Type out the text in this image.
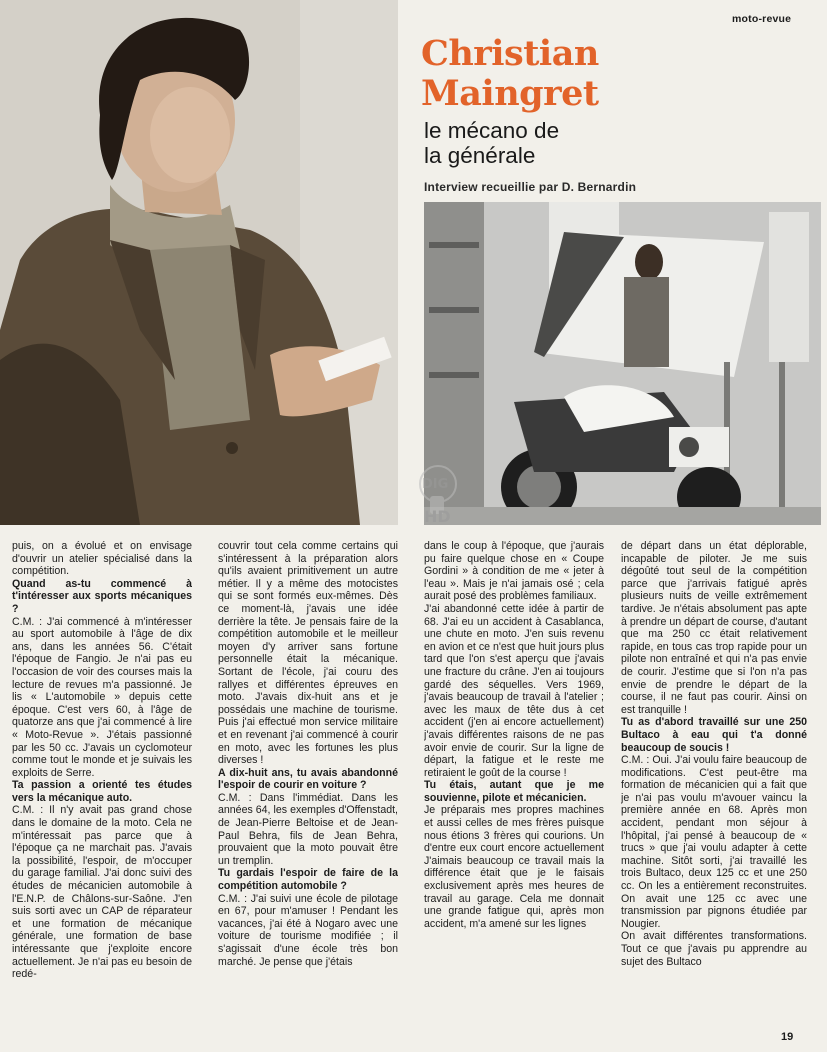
DIG
HD
moto-revue
Christian
Maingret
le mécano de
la générale
Interview recueillie par D. Bernardin

puis, on a évolué et on envisage d'ouvrir un atelier spécialisé dans la compétition.

Quand as-tu commencé à t'intéresser aux sports mécaniques ?

C.M. : J'ai commencé à m'intéresser au sport automobile à l'âge de dix ans, dans les années 56. C'était l'époque de Fangio. Je n'ai pas eu l'occasion de voir des courses mais la lecture de revues m'a passionné. Je lis « L'automobile » depuis cette époque. C'est vers 60, à l'âge de quatorze ans que j'ai commencé à lire « Moto-Revue ». J'étais passionné par les 50 cc. J'avais un cyclomoteur comme tout le monde et je suivais les exploits de Serre.

Ta passion a orienté tes études vers la mécanique auto.

C.M. : Il n'y avait pas grand chose dans le domaine de la moto. Cela ne m'intéressait pas parce que à l'époque ça ne marchait pas. J'avais la possibilité, l'espoir, de m'occuper du garage familial. J'ai donc suivi des études de mécanicien automobile à l'E.N.P. de Châlons-sur-Saône. J'en suis sorti avec un CAP de réparateur et une formation de mécanique générale, une formation de base intéressante que j'exploite encore actuellement. Je n'ai pas eu besoin de redé-

couvrir tout cela comme certains qui s'intéressent à la préparation alors qu'ils avaient primitivement un autre métier. Il y a même des motocistes qui se sont formés eux-mêmes. Dès ce moment-là, j'avais une idée derrière la tête. Je pensais faire de la compétition automobile et le meilleur moyen d'y arriver sans fortune personnelle était la mécanique. Sortant de l'école, j'ai couru des rallyes et différentes épreuves en moto. J'avais dix-huit ans et je possédais une machine de tourisme. Puis j'ai effectué mon service militaire et en revenant j'ai commencé à courir en moto, avec les fortunes les plus diverses !

A dix-huit ans, tu avais abandonné l'espoir de courir en voiture ?

C.M. : Dans l'immédiat. Dans les années 64, les exemples d'Offenstadt, de Jean-Pierre Beltoise et de Jean-Paul Behra, fils de Jean Behra, prouvaient que la moto pouvait être un tremplin.

Tu gardais l'espoir de faire de la compétition automobile ?

C.M. : J'ai suivi une école de pilotage en 67, pour m'amuser ! Pendant les vacances, j'ai été à Nogaro avec une voiture de tourisme modifiée ; il s'agissait d'une école très bon marché. Je pense que j'étais

dans le coup à l'époque, que j'aurais pu faire quelque chose en « Coupe Gordini » à condition de me « jeter à l'eau ». Mais je n'ai jamais osé ; cela aurait posé des problèmes familiaux.

J'ai abandonné cette idée à partir de 68. J'ai eu un accident à Casablanca, une chute en moto. J'en suis revenu en avion et ce n'est que huit jours plus tard que l'on s'est aperçu que j'avais une fracture du crâne. J'en ai toujours gardé des séquelles. Vers 1969, j'avais beaucoup de travail à l'atelier ; avec les maux de tête dus à cet accident (j'en ai encore actuellement) j'avais différentes raisons de ne pas avoir envie de courir. Sur la ligne de départ, la fatigue et le reste me retiraient le goût de la course !

Tu étais, autant que je me souvienne, pilote et mécanicien.

Je préparais mes propres machines et aussi celles de mes frères puisque nous étions 3 frères qui courions. Un d'entre eux court encore actuellement J'aimais beaucoup ce travail mais la différence était que je le faisais exclusivement après mes heures de travail au garage. Cela me donnait une grande fatigue qui, après mon accident, m'a amené sur les lignes

de départ dans un état déplorable, incapable de piloter. Je me suis dégoûté tout seul de la compétition parce que j'arrivais fatigué après plusieurs nuits de veille extrêmement tardive. Je n'étais absolument pas apte à prendre un départ de course, d'autant que ma 250 cc était relativement rapide, en tous cas trop rapide pour un pilote non entraîné et qui n'a pas envie de courir. J'estime que si l'on n'a pas envie de prendre le départ de la course, il ne faut pas courir. Ainsi on est tranquille !

Tu as d'abord travaillé sur une 250 Bultaco à eau qui t'a donné beaucoup de soucis !

C.M. : Oui. J'ai voulu faire beaucoup de modifications. C'est peut-être ma formation de mécanicien qui a fait que je n'ai pas voulu m'avouer vaincu la première année en 68. Après mon accident, pendant mon séjour à l'hôpital, j'ai pensé à beaucoup de « trucs » que j'ai voulu adapter à cette machine. Sitôt sorti, j'ai travaillé les trois Bultaco, deux 125 cc et une 250 cc. On les a entièrement reconstruites. On avait une 125 cc avec une transmission par pignons étudiée par Nougier.

On avait différentes transformations. Tout ce que j'avais pu apprendre au sujet des Bultaco

19
